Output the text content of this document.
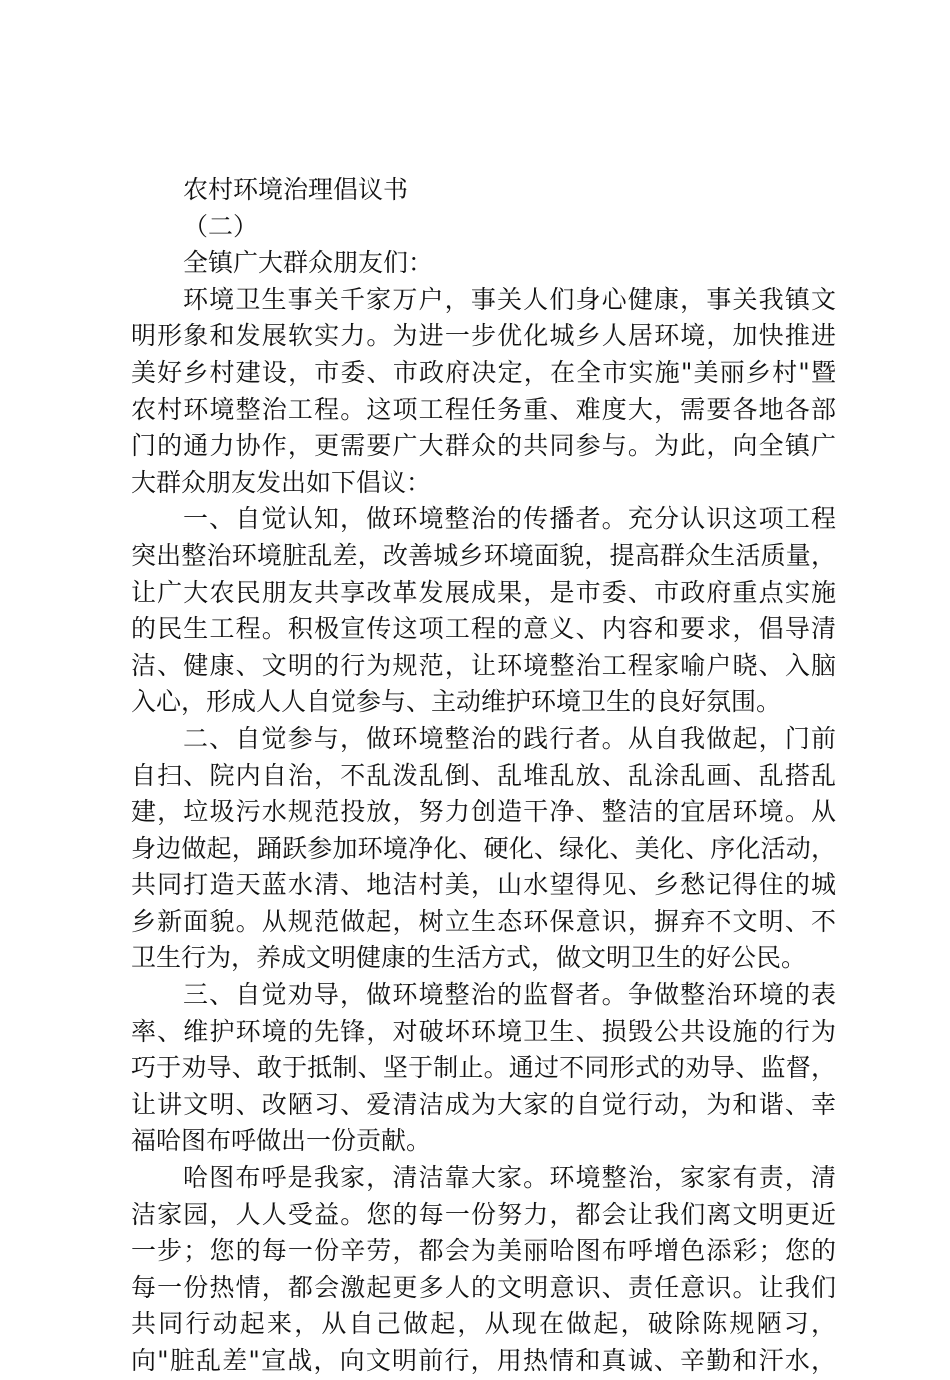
农村环境治理倡议书

（二）

全镇广大群众朋友们：

环境卫生事关千家万户，事关人们身心健康，事关我镇文

明形象和发展软实力。为进一步优化城乡人居环境，加快推进

美好乡村建设，市委、市政府决定，在全市实施"美丽乡村"暨

农村环境整治工程。这项工程任务重、难度大，需要各地各部

门的通力协作，更需要广大群众的共同参与。为此，向全镇广

大群众朋友发出如下倡议：

一、自觉认知，做环境整治的传播者。充分认识这项工程

突出整治环境脏乱差，改善城乡环境面貌，提高群众生活质量，

让广大农民朋友共享改革发展成果，是市委、市政府重点实施

的民生工程。积极宣传这项工程的意义、内容和要求，倡导清

洁、健康、文明的行为规范，让环境整治工程家喻户晓、入脑

入心，形成人人自觉参与、主动维护环境卫生的良好氛围。

二、自觉参与，做环境整治的践行者。从自我做起，门前

自扫、院内自治，不乱泼乱倒、乱堆乱放、乱涂乱画、乱搭乱

建，垃圾污水规范投放，努力创造干净、整洁的宜居环境。从

身边做起，踊跃参加环境净化、硬化、绿化、美化、序化活动，

共同打造天蓝水清、地洁村美，山水望得见、乡愁记得住的城

乡新面貌。从规范做起，树立生态环保意识，摒弃不文明、不

卫生行为，养成文明健康的生活方式，做文明卫生的好公民。

三、自觉劝导，做环境整治的监督者。争做整治环境的表

率、维护环境的先锋，对破坏环境卫生、损毁公共设施的行为

巧于劝导、敢于抵制、坚于制止。通过不同形式的劝导、监督，

让讲文明、改陋习、爱清洁成为大家的自觉行动，为和谐、幸

福哈图布呼做出一份贡献。

哈图布呼是我家，清洁靠大家。环境整治，家家有责，清

洁家园，人人受益。您的每一份努力，都会让我们离文明更近

一步；您的每一份辛劳，都会为美丽哈图布呼增色添彩；您的

每一份热情，都会激起更多人的文明意识、责任意识。让我们

共同行动起来，从自己做起，从现在做起，破除陈规陋习，

向"脏乱差"宣战，向文明前行，用热情和真诚、辛勤和汗水，
